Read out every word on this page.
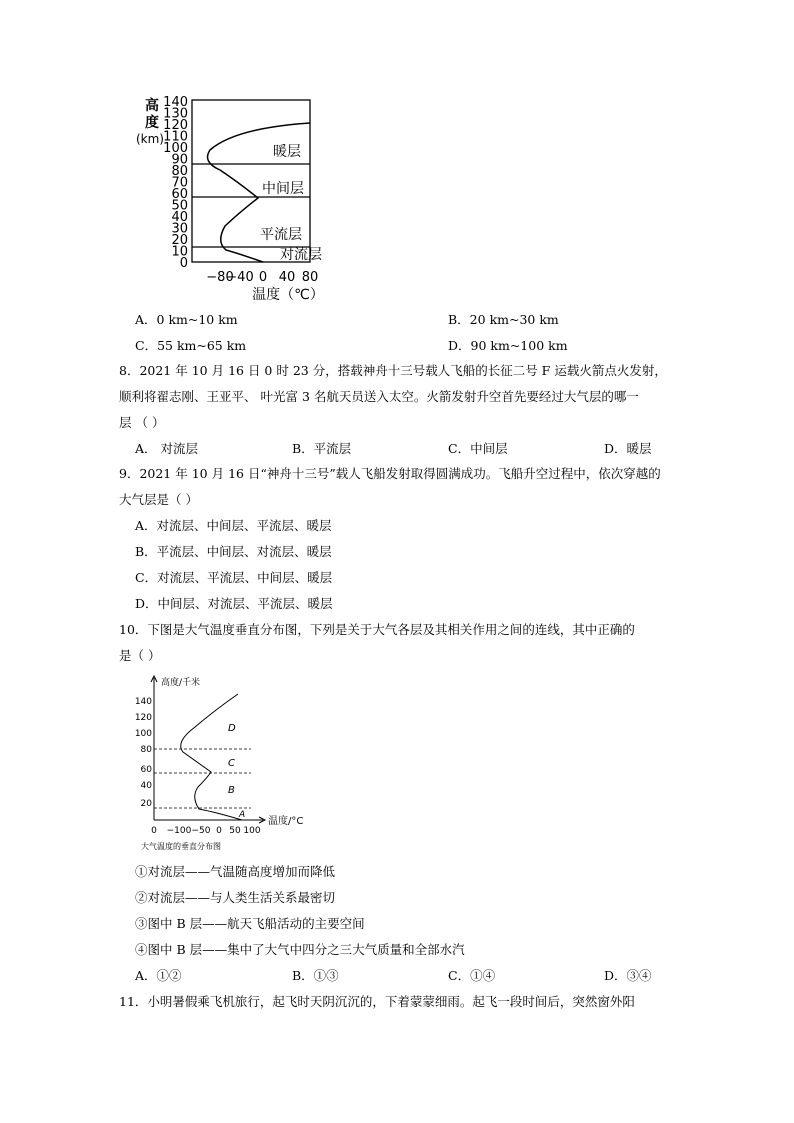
高
度
(km)
140
130
120
110
100
90
80
70
60
50
40
30
20
10
0
暖层
中间层
平流层
对流层
−80
−40 0 40 80
温度（℃）
A．0 km~10 km	B．20 km~30 km
C．55 km~65 km	D．90 km~100 km
8．2021 年 10 月 16 日 0 时 23 分，搭载神舟十三号载人飞船的长征二号 F 运载火箭点火发射，
顺利将翟志刚、王亚平、 叶光富 3 名航天员送入太空。火箭发射升空首先要经过大气层的哪一
层 （ ）
A． 对流层	B．平流层	C．中间层	D．暖层
9．2021 年 10 月 16 日“神舟十三号”载人飞船发射取得圆满成功。飞船升空过程中，依次穿越的
大气层是（ ）
A．对流层、中间层、平流层、暖层
B．平流层、中间层、对流层、暖层
C．对流层、平流层、中间层、暖层
D．中间层、对流层、平流层、暖层
10．下图是大气温度垂直分布图，下列是关于大气各层及其相关作用之间的连线，其中正确的
是（ ）
高度/千米
140
120
100
80
60
40
20
D
C
B
A
0 −100 −50 0 50 100
温度/°C
大气温度的垂直分布图
①对流层——气温随高度增加而降低
②对流层——与人类生活关系最密切
③图中 B 层——航天飞船活动的主要空间
④图中 B 层——集中了大气中四分之三大气质量和全部水汽
A．①②	B．①③	C．①④	D．③④
11．小明暑假乘飞机旅行，起飞时天阴沉沉的，下着蒙蒙细雨。起飞一段时间后，突然窗外阳
